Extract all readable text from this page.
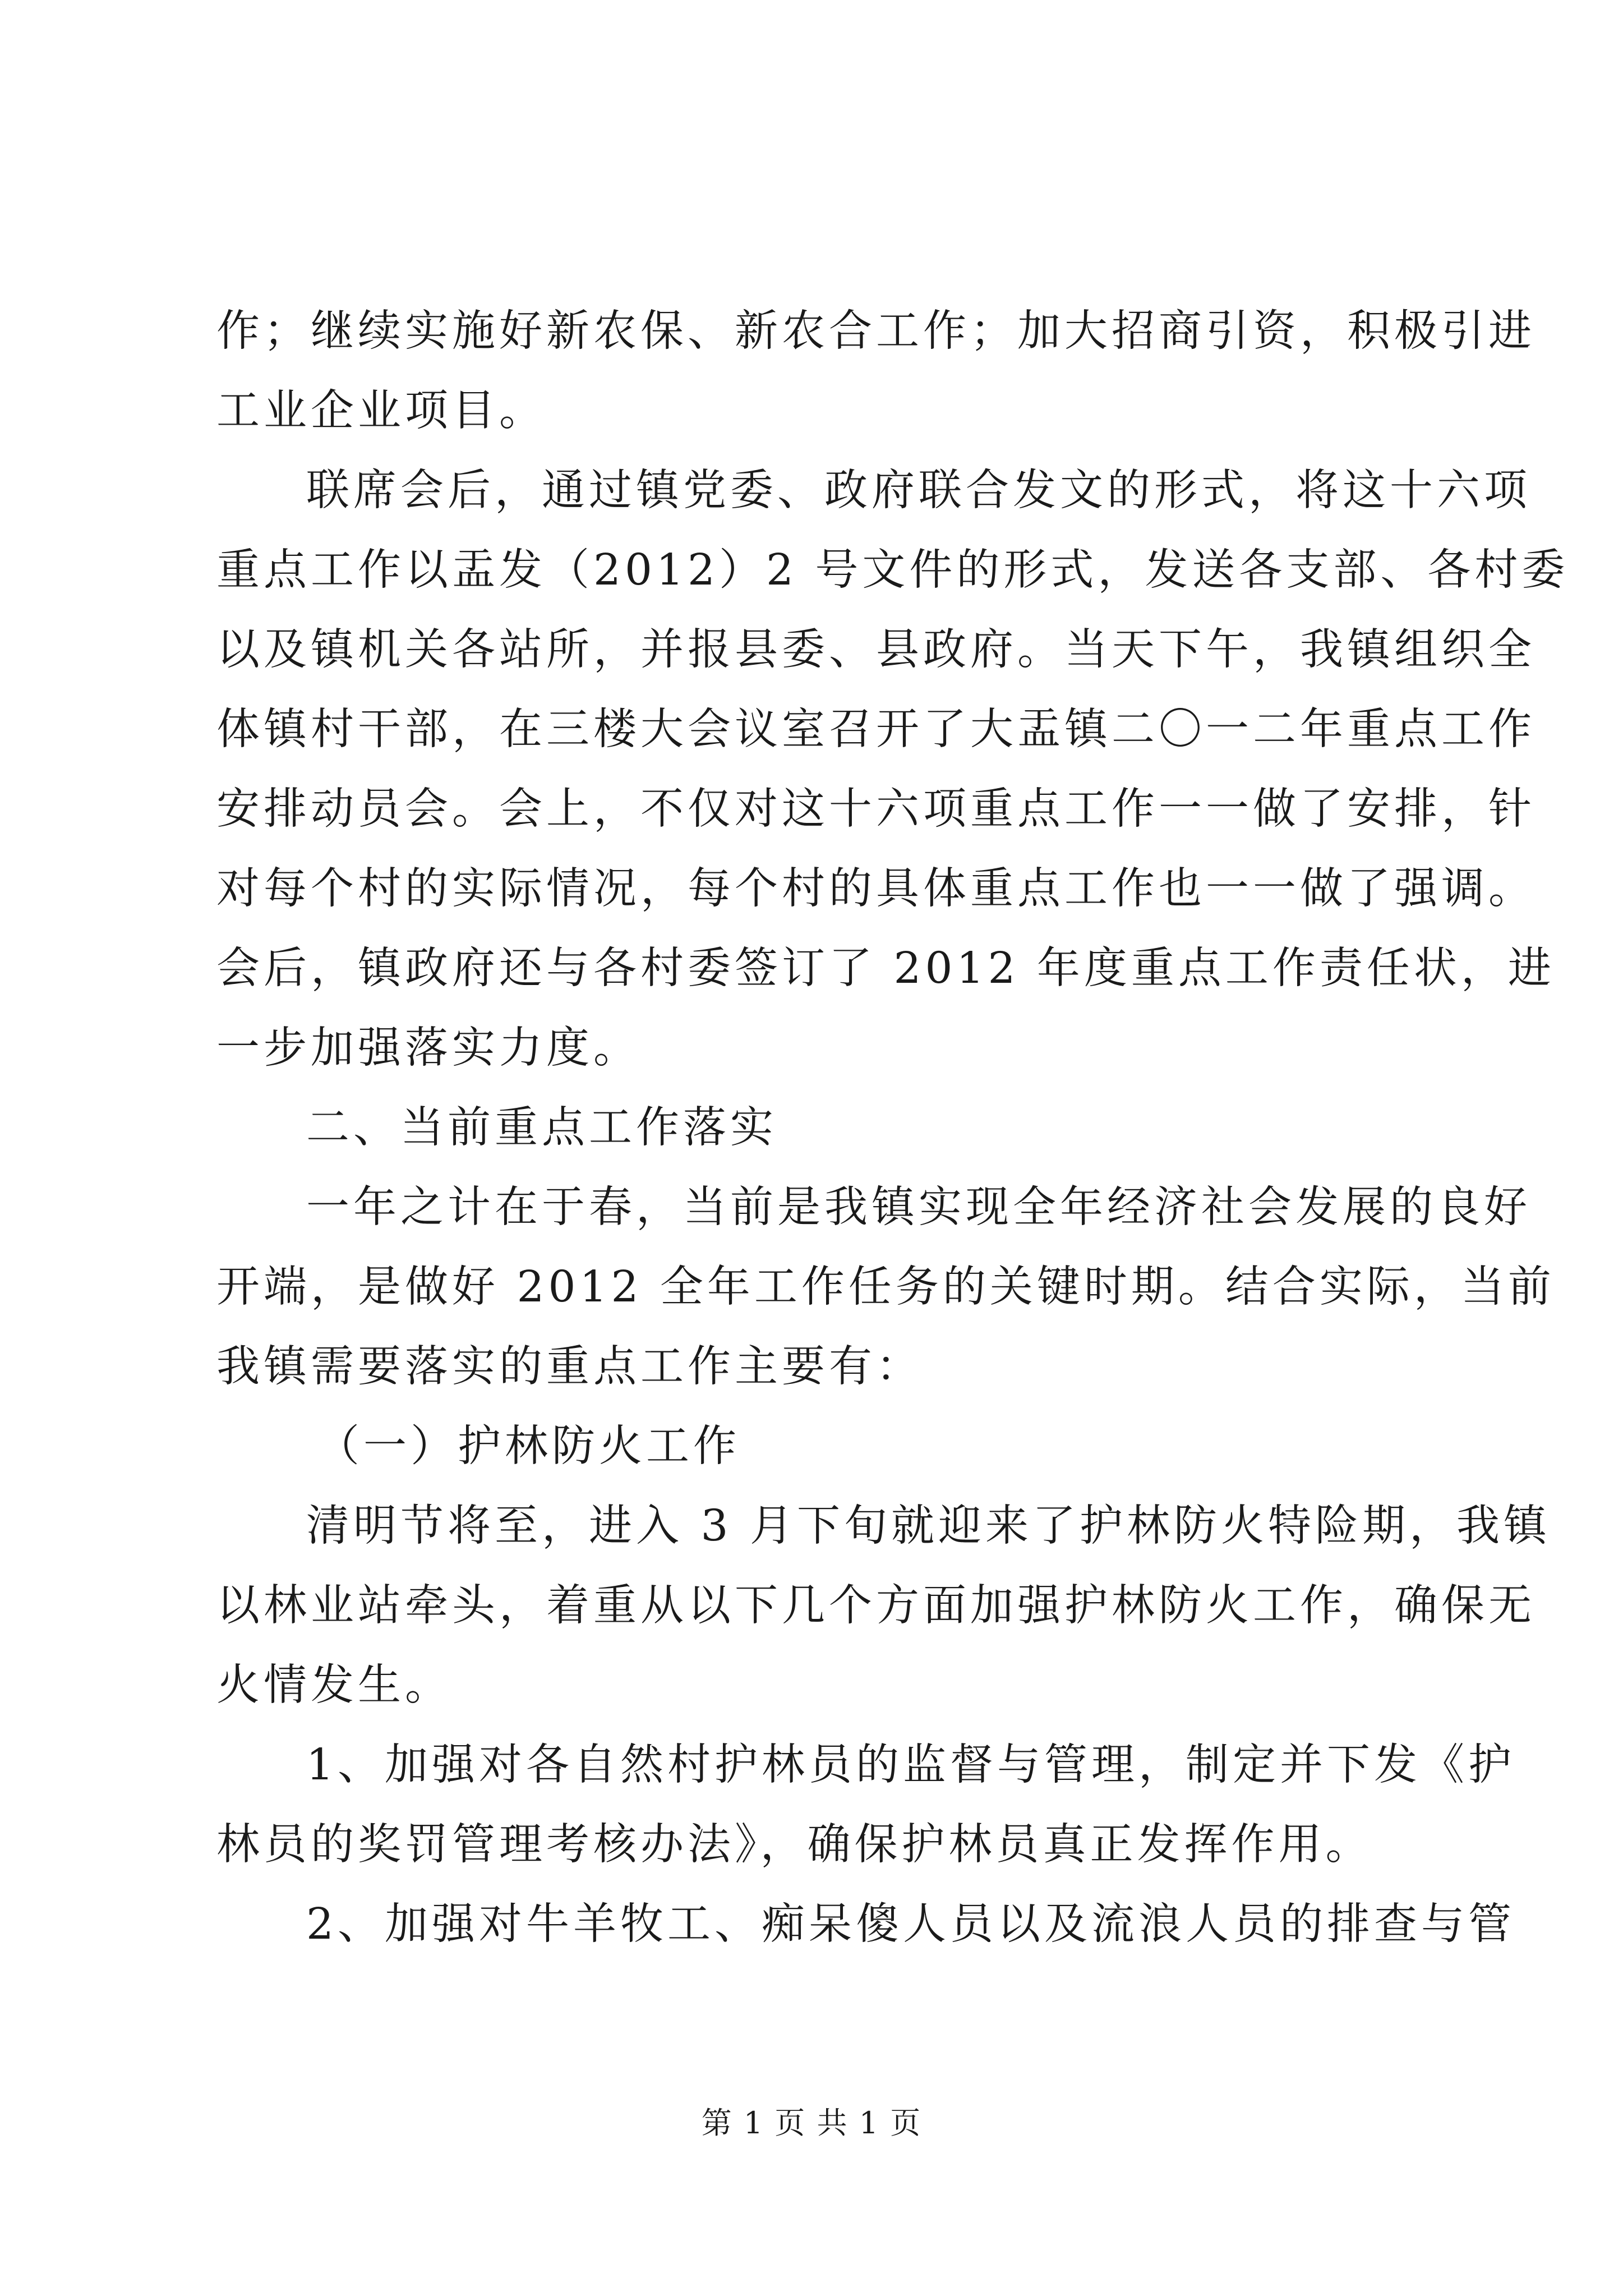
作；继续实施好新农保、新农合工作；加大招商引资，积极引进
工业企业项目。
联席会后，通过镇党委、政府联合发文的形式，将这十六项
重点工作以盂发（2012）2 号文件的形式，发送各支部、各村委
以及镇机关各站所，并报县委、县政府。当天下午，我镇组织全
体镇村干部，在三楼大会议室召开了大盂镇二〇一二年重点工作
安排动员会。会上，不仅对这十六项重点工作一一做了安排，针
对每个村的实际情况，每个村的具体重点工作也一一做了强调。
会后，镇政府还与各村委签订了 2012 年度重点工作责任状，进
一步加强落实力度。
二、当前重点工作落实
一年之计在于春，当前是我镇实现全年经济社会发展的良好
开端，是做好 2012 全年工作任务的关键时期。结合实际，当前
我镇需要落实的重点工作主要有：
（一）护林防火工作
清明节将至，进入 3 月下旬就迎来了护林防火特险期，我镇
以林业站牵头，着重从以下几个方面加强护林防火工作，确保无
火情发生。
1、加强对各自然村护林员的监督与管理，制定并下发《护
林员的奖罚管理考核办法》，确保护林员真正发挥作用。
2、加强对牛羊牧工、痴呆傻人员以及流浪人员的排查与管
第 1 页 共 1 页
